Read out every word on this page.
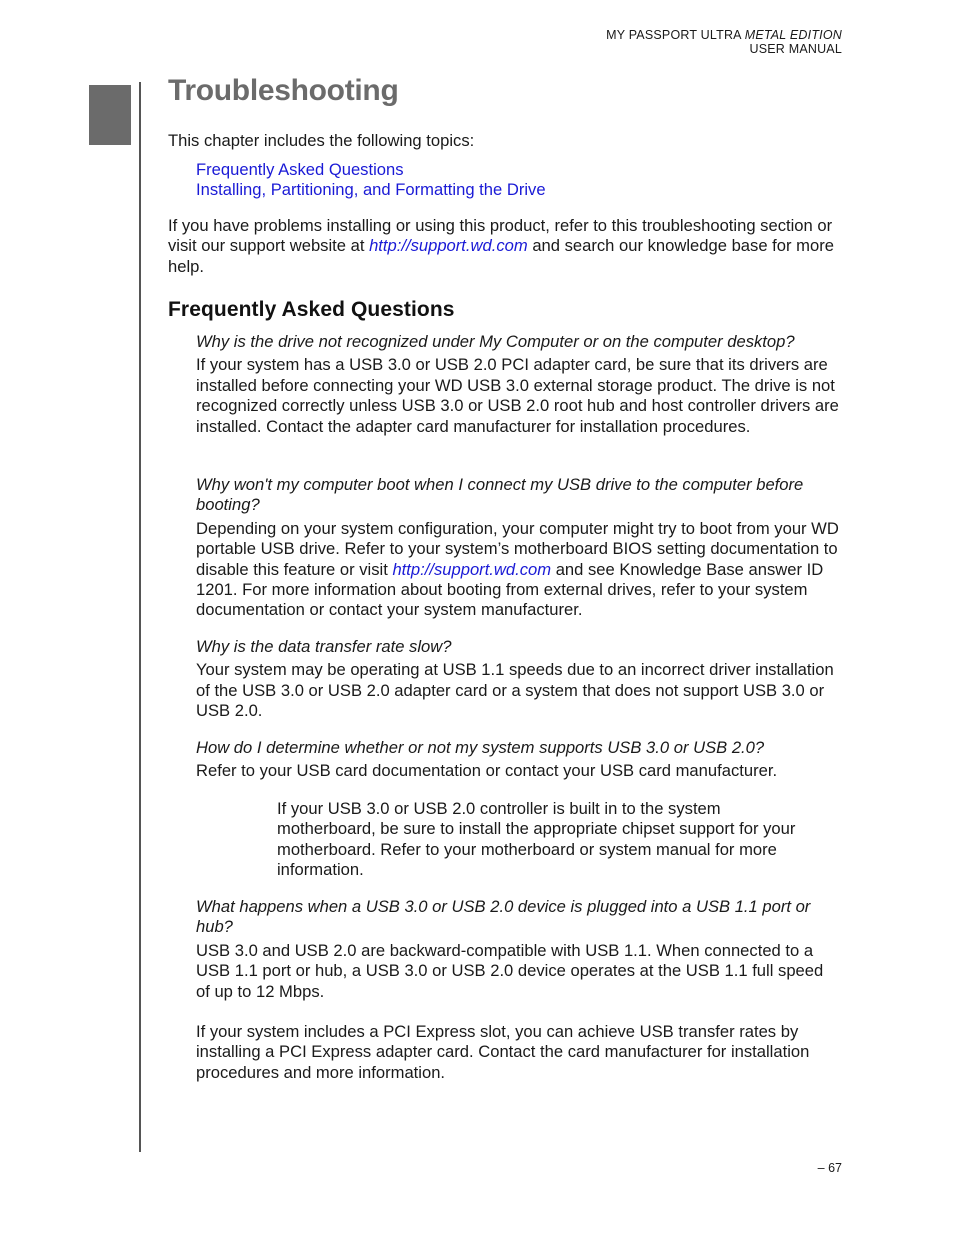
MY PASSPORT ULTRA METAL EDITION
USER MANUAL
Troubleshooting

This chapter includes the following topics:

Frequently Asked Questions
Installing, Partitioning, and Formatting the Drive

If you have problems installing or using this product, refer to this troubleshooting section or visit our support website at http://support.wd.com and search our knowledge base for more help.

Frequently Asked Questions
Why is the drive not recognized under My Computer or on the computer desktop?
If your system has a USB 3.0 or USB 2.0 PCI adapter card, be sure that its drivers are installed before connecting your WD USB 3.0 external storage product. The drive is not recognized correctly unless USB 3.0 or USB 2.0 root hub and host controller drivers are installed. Contact the adapter card manufacturer for installation procedures.
Why won't my computer boot when I connect my USB drive to the computer before booting?
Depending on your system configuration, your computer might try to boot from your WD portable USB drive. Refer to your system’s motherboard BIOS setting documentation to disable this feature or visit http://support.wd.com and see Knowledge Base answer ID 1201. For more information about booting from external drives, refer to your system documentation or contact your system manufacturer.
Why is the data transfer rate slow?
Your system may be operating at USB 1.1 speeds due to an incorrect driver installation of the USB 3.0 or USB 2.0 adapter card or a system that does not support USB 3.0 or USB 2.0.
How do I determine whether or not my system supports USB 3.0 or USB 2.0?
Refer to your USB card documentation or contact your USB card manufacturer.
If your USB 3.0 or USB 2.0 controller is built in to the system motherboard, be sure to install the appropriate chipset support for your motherboard. Refer to your motherboard or system manual for more information.
What happens when a USB 3.0 or USB 2.0 device is plugged into a USB 1.1 port or hub?
USB 3.0 and USB 2.0 are backward-compatible with USB 1.1. When connected to a USB 1.1 port or hub, a USB 3.0 or USB 2.0 device operates at the USB 1.1 full speed of up to 12 Mbps.
If your system includes a PCI Express slot, you can achieve USB transfer rates by installing a PCI Express adapter card. Contact the card manufacturer for installation procedures and more information.
– 67
